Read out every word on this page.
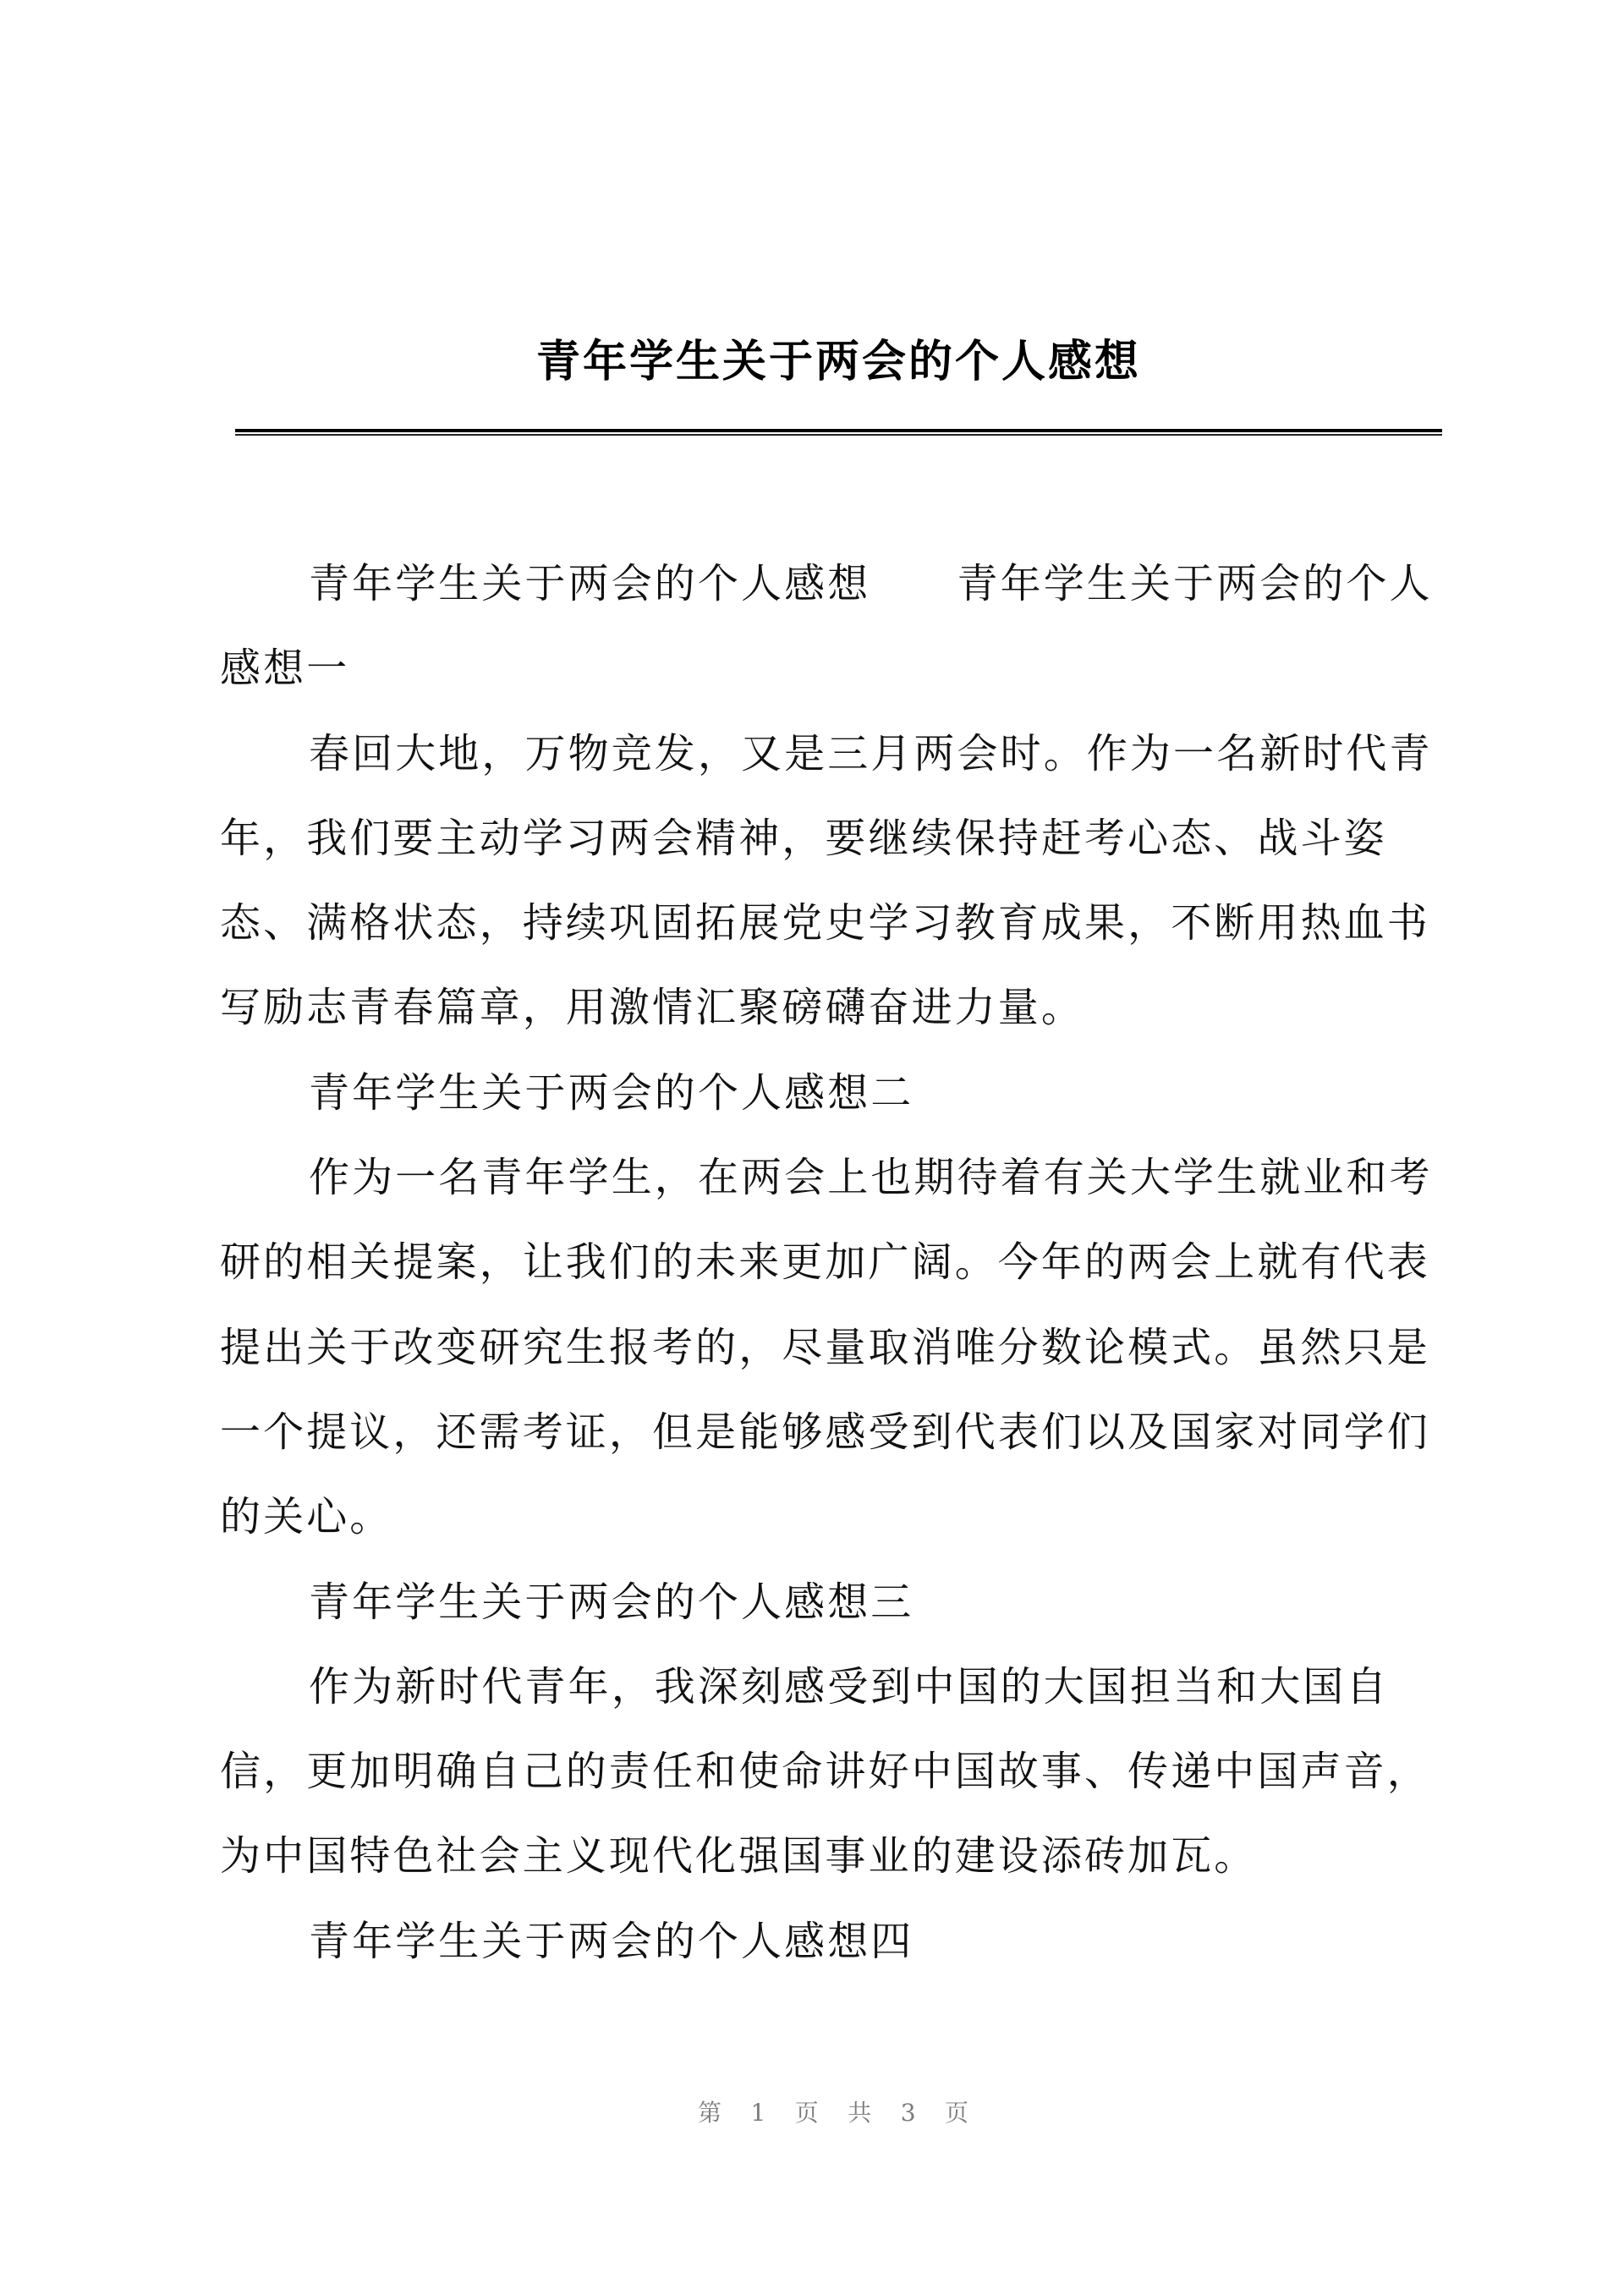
青年学生关于两会的个人感想
青年学生关于两会的个人感想　　青年学生关于两会的个人
感想一
春回大地，万物竞发，又是三月两会时。作为一名新时代青
年，我们要主动学习两会精神，要继续保持赶考心态、战斗姿
态、满格状态，持续巩固拓展党史学习教育成果，不断用热血书
写励志青春篇章，用激情汇聚磅礴奋进力量。
青年学生关于两会的个人感想二
作为一名青年学生，在两会上也期待着有关大学生就业和考
研的相关提案，让我们的未来更加广阔。今年的两会上就有代表
提出关于改变研究生报考的，尽量取消唯分数论模式。虽然只是
一个提议，还需考证，但是能够感受到代表们以及国家对同学们
的关心。
青年学生关于两会的个人感想三
作为新时代青年，我深刻感受到中国的大国担当和大国自
信，更加明确自己的责任和使命讲好中国故事、传递中国声音，
为中国特色社会主义现代化强国事业的建设添砖加瓦。
青年学生关于两会的个人感想四

第 1 页 共 3 页
